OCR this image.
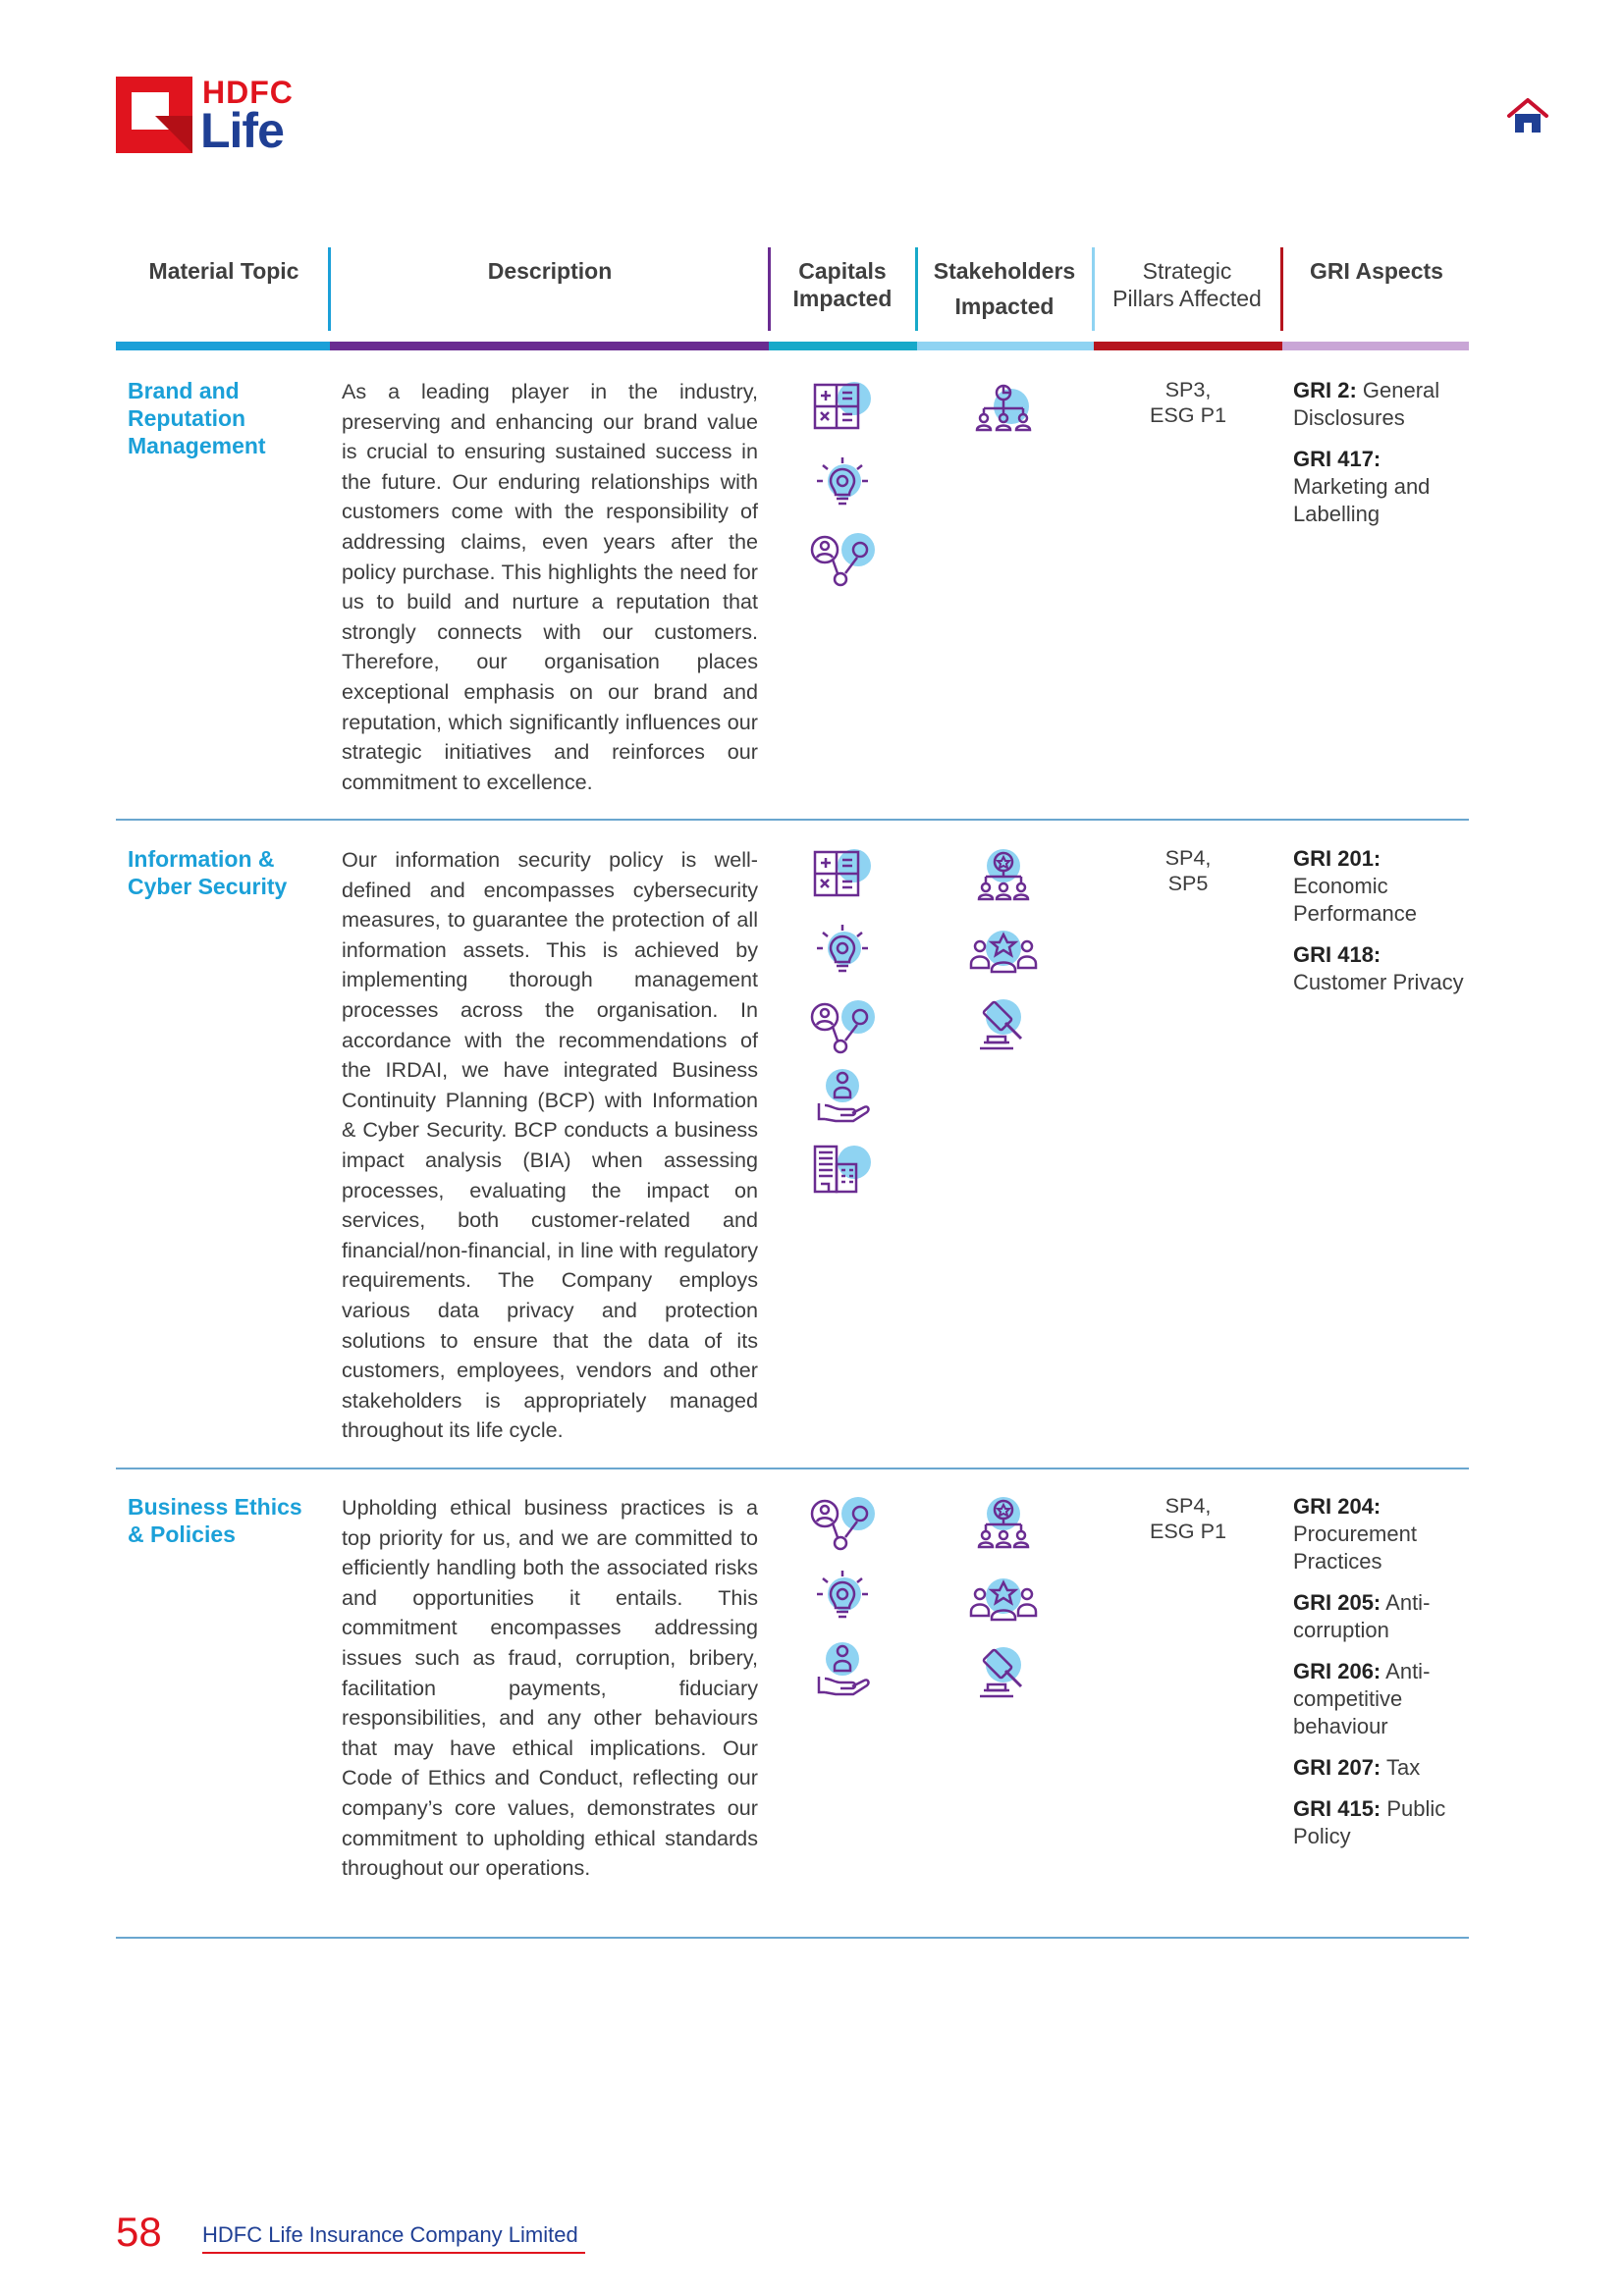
HDFC
Life
Material Topic	Description	Capitals
Impacted
Stakeholders
Impacted
Strategic
Pillars Affected
GRI Aspects
Brand and Reputation Management
As a leading player in the industry, preserving and enhancing our brand value is crucial to ensuring sustained success in the future. Our enduring relationships with customers come with the responsibility of addressing claims, even years after the policy purchase. This highlights the need for us to build and nurture a reputation that strongly connects with our customers. Therefore, our organisation places exceptional emphasis on our brand and reputation, which significantly influences our strategic initiatives and reinforces our commitment to excellence.
SP3,
ESG P1
GRI 2: General Disclosures
GRI 417: Marketing and Labelling
Information & Cyber Security
Our information security policy is well-defined and encompasses cybersecurity measures, to guarantee the protection of all information assets. This is achieved by implementing thorough management processes across the organisation. In accordance with the recommendations of the IRDAI, we have integrated Business Continuity Planning (BCP) with Information & Cyber Security. BCP conducts a business impact analysis (BIA) when assessing processes, evaluating the impact on services, both customer-related and financial/non-financial, in line with regulatory requirements. The Company employs various data privacy and protection solutions to ensure that the data of its customers, employees, vendors and other stakeholders is appropriately managed throughout its life cycle.
SP4,
SP5
GRI 201: Economic Performance
GRI 418: Customer Privacy
Business Ethics & Policies
Upholding ethical business practices is a top priority for us, and we are committed to efficiently handling both the associated risks and opportunities it entails. This commitment encompasses addressing issues such as fraud, corruption, bribery, facilitation payments, fiduciary responsibilities, and any other behaviours that may have ethical implications. Our Code of Ethics and Conduct, reflecting our company’s core values, demonstrates our commitment to upholding ethical standards throughout our operations.
SP4,
ESG P1
GRI 204: Procurement Practices
GRI 205: Anti-corruption
GRI 206: Anti-competitive behaviour
GRI 207: Tax
GRI 415: Public Policy
58 HDFC Life Insurance Company Limited
